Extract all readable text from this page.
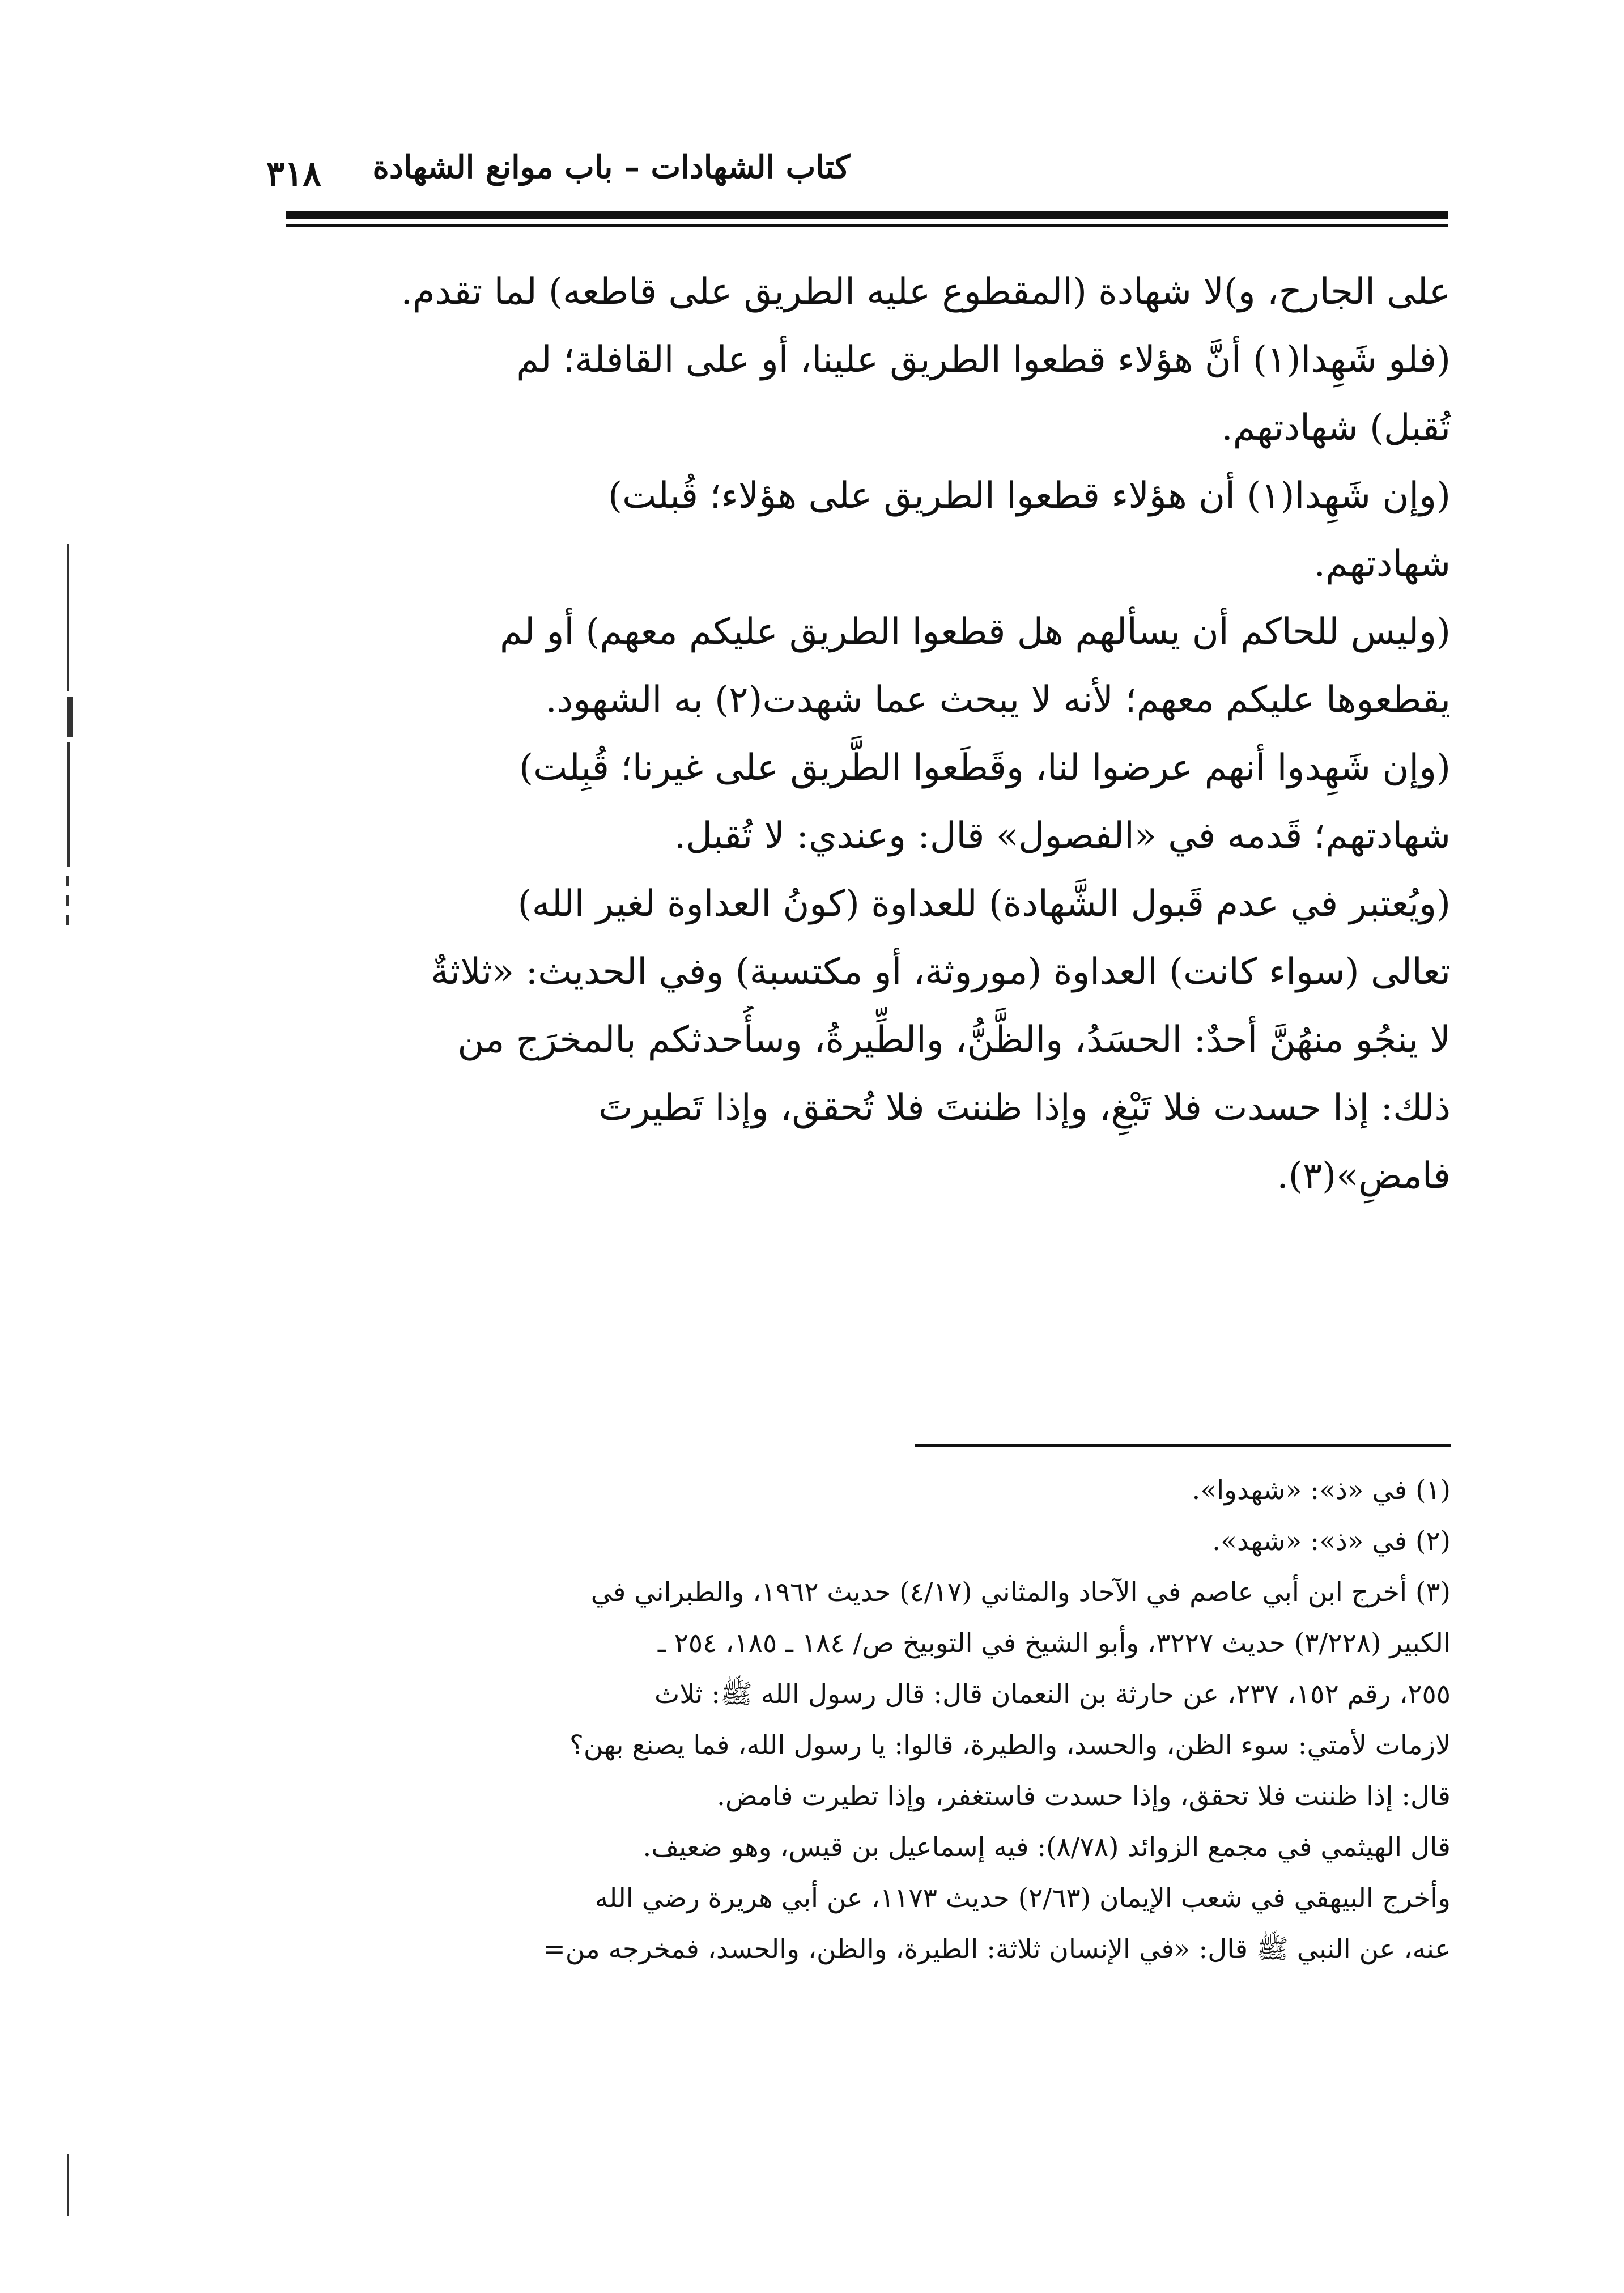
كتاب الشهادات – باب موانع الشهادة
٣١٨
على الجارح، و)لا شهادة (المقطوع عليه الطريق على قاطعه) لما تقدم.
(فلو شَهِدا(١) أنَّ هؤلاء قطعوا الطريق علينا، أو على القافلة؛ لم
تُقبل) شهادتهم.
(وإن شَهِدا(١) أن هؤلاء قطعوا الطريق على هؤلاء؛ قُبلت)
شهادتهم.
(وليس للحاكم أن يسألهم هل قطعوا الطريق عليكم معهم) أو لم
يقطعوها عليكم معهم؛ لأنه لا يبحث عما شهدت(٢) به الشهود.
(وإن شَهِدوا أنهم عرضوا لنا، وقَطَعوا الطَّريق على غيرنا؛ قُبِلت)
شهادتهم؛ قَدمه في «الفصول» قال: وعندي: لا تُقبل.
(ويُعتبر في عدم قَبول الشَّهادة) للعداوة (كونُ العداوة لغير الله)
تعالى (سواء كانت) العداوة (موروثة، أو مكتسبة) وفي الحديث: «ثلاثةٌ
لا ينجُو منهُنَّ أحدٌ: الحسَدُ، والظَّنُّ، والطِّيرةُ، وسأُحدثكم بالمخرَج من
ذلك: إذا حسدت فلا تَبْغِ، وإذا ظننتَ فلا تُحقق، وإذا تَطيرتَ
فامضِ»(٣).
(١) في «ذ»: «شهدوا».
(٢) في «ذ»: «شهد».
(٣) أخرج ابن أبي عاصم في الآحاد والمثاني (٤/١٧) حديث ١٩٦٢، والطبراني في
الكبير (٣/٢٢٨) حديث ٣٢٢٧، وأبو الشيخ في التوبيخ ص/ ١٨٤ ـ ١٨٥، ٢٥٤ ـ
٢٥٥، رقم ١٥٢، ٢٣٧، عن حارثة بن النعمان قال: قال رسول الله ﷺ: ثلاث
لازمات لأمتي: سوء الظن، والحسد، والطيرة، قالوا: يا رسول الله، فما يصنع بهن؟
قال: إذا ظننت فلا تحقق، وإذا حسدت فاستغفر، وإذا تطيرت فامض.
قال الهيثمي في مجمع الزوائد (٨/٧٨): فيه إسماعيل بن قيس، وهو ضعيف.
وأخرج البيهقي في شعب الإيمان (٢/٦٣) حديث ١١٧٣، عن أبي هريرة رضي الله
عنه، عن النبي ﷺ قال: «في الإنسان ثلاثة: الطيرة، والظن، والحسد، فمخرجه من=
